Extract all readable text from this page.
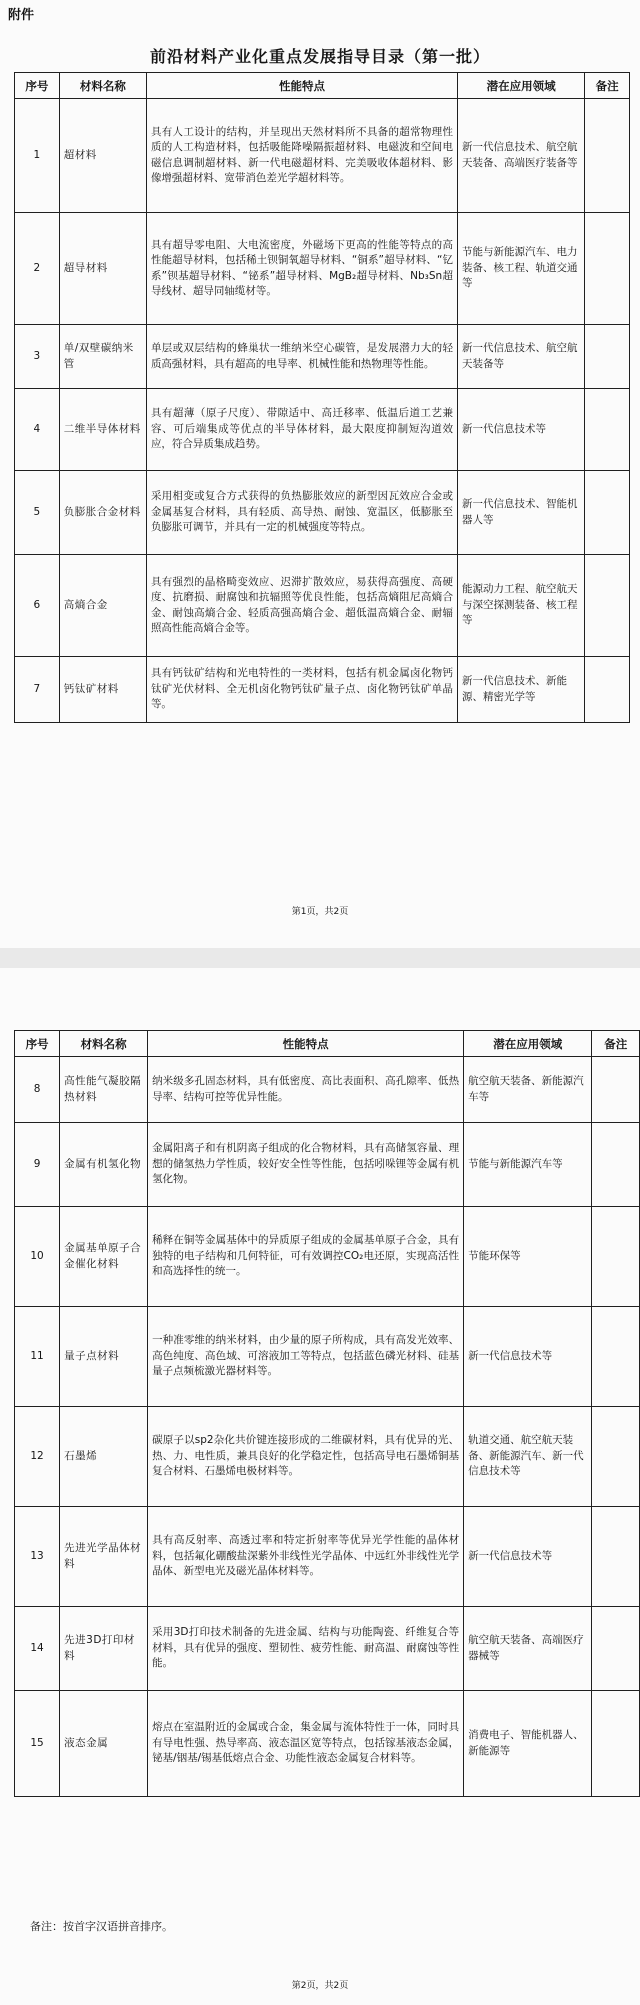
附件
前沿材料产业化重点发展指导目录（第一批）
序号	材料名称	性能特点	潜在应用领域	备注
1	超材料	具有人工设计的结构，并呈现出天然材料所不具备的超常物理性质的人工构造材料，包括吸能降噪隔振超材料、电磁波和空间电磁信息调制超材料、新一代电磁超材料、完美吸收体超材料、影像增强超材料、宽带消色差光学超材料等。	新一代信息技术、航空航天装备、高端医疗装备等	
2	超导材料	具有超导零电阻、大电流密度，外磁场下更高的性能等特点的高性能超导材料，包括稀土钡铜氧超导材料、“铜系”超导材料、“钇系”钡基超导材料、“铋系”超导材料、MgB₂超导材料、Nb₃Sn超导线材、超导同轴缆材等。	节能与新能源汽车、电力装备、核工程、轨道交通等	
3	单/双壁碳纳米管	单层或双层结构的蜂巢状一维纳米空心碳管，是发展潜力大的轻质高强材料，具有超高的电导率、机械性能和热物理等性能。	新一代信息技术、航空航天装备等	
4	二维半导体材料	具有超薄（原子尺度）、带隙适中、高迁移率、低温后道工艺兼容、可后端集成等优点的半导体材料，最大限度抑制短沟道效应，符合异质集成趋势。	新一代信息技术等	
5	负膨胀合金材料	采用相变或复合方式获得的负热膨胀效应的新型因瓦效应合金或金属基复合材料，具有轻质、高导热、耐蚀、宽温区，低膨胀至负膨胀可调节，并具有一定的机械强度等特点。	新一代信息技术、智能机器人等	
6	高熵合金	具有强烈的晶格畸变效应、迟滞扩散效应，易获得高强度、高硬度、抗磨损、耐腐蚀和抗辐照等优良性能，包括高熵阻尼高熵合金、耐蚀高熵合金、轻质高强高熵合金、超低温高熵合金、耐辐照高性能高熵合金等。	能源动力工程、航空航天与深空探测装备、核工程等	
7	钙钛矿材料	具有钙钛矿结构和光电特性的一类材料，包括有机金属卤化物钙钛矿光伏材料、全无机卤化物钙钛矿量子点、卤化物钙钛矿单晶等。	新一代信息技术、新能源、精密光学等	
第1页，共2页
序号	材料名称	性能特点	潜在应用领域	备注
8	高性能气凝胶隔热材料	纳米级多孔固态材料，具有低密度、高比表面积、高孔隙率、低热导率、结构可控等优异性能。	航空航天装备、新能源汽车等	
9	金属有机氢化物	金属阳离子和有机阴离子组成的化合物材料，具有高储氢容量、理想的储氢热力学性质，较好安全性等性能，包括吲哚锂等金属有机氢化物。	节能与新能源汽车等	
10	金属基单原子合金催化材料	稀释在铜等金属基体中的异质原子组成的金属基单原子合金，具有独特的电子结构和几何特征，可有效调控CO₂电还原，实现高活性和高选择性的统一。	节能环保等	
11	量子点材料	一种准零维的纳米材料，由少量的原子所构成，具有高发光效率、高色纯度、高色域、可溶液加工等特点，包括蓝色磷光材料、硅基量子点频梳激光器材料等。	新一代信息技术等	
12	石墨烯	碳原子以sp2杂化共价键连接形成的二维碳材料，具有优异的光、热、力、电性质，兼具良好的化学稳定性，包括高导电石墨烯铜基复合材料、石墨烯电极材料等。	轨道交通、航空航天装备、新能源汽车、新一代信息技术等	
13	先进光学晶体材料	具有高反射率、高透过率和特定折射率等优异光学性能的晶体材料，包括氟化硼酸盐深紫外非线性光学晶体、中远红外非线性光学晶体、新型电光及磁光晶体材料等。	新一代信息技术等	
14	先进3D打印材料	采用3D打印技术制备的先进金属、结构与功能陶瓷、纤维复合等材料，具有优异的强度、塑韧性、疲劳性能、耐高温、耐腐蚀等性能。	航空航天装备、高端医疗器械等	
15	液态金属	熔点在室温附近的金属或合金，集金属与流体特性于一体，同时具有导电性强、热导率高、液态温区宽等特点，包括镓基液态金属，铋基/铟基/锡基低熔点合金、功能性液态金属复合材料等。	消费电子、智能机器人、新能源等	
备注：按首字汉语拼音排序。
第2页，共2页
